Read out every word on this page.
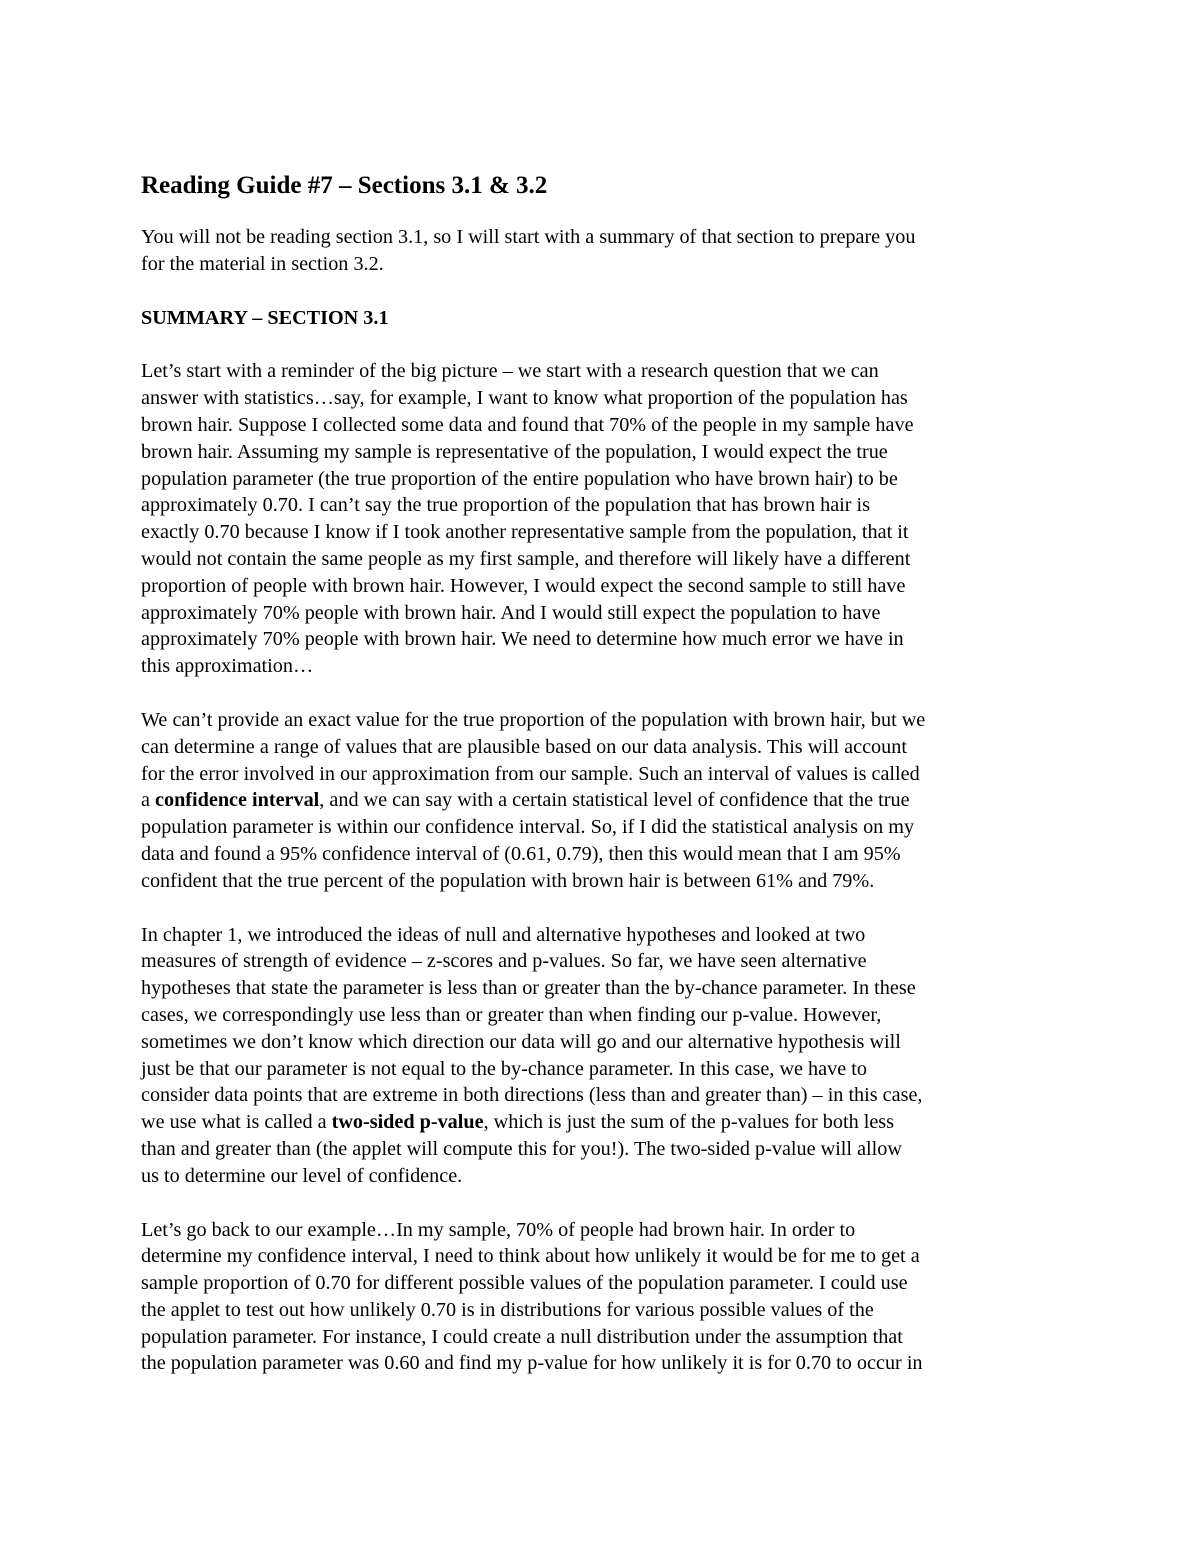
Reading Guide #7 – Sections 3.1 & 3.2
You will not be reading section 3.1, so I will start with a summary of that section to prepare you
for the material in section 3.2.
SUMMARY – SECTION 3.1
Let’s start with a reminder of the big picture – we start with a research question that we can
answer with statistics…say, for example, I want to know what proportion of the population has
brown hair. Suppose I collected some data and found that 70% of the people in my sample have
brown hair. Assuming my sample is representative of the population, I would expect the true
population parameter (the true proportion of the entire population who have brown hair) to be
approximately 0.70. I can’t say the true proportion of the population that has brown hair is
exactly 0.70 because I know if I took another representative sample from the population, that it
would not contain the same people as my first sample, and therefore will likely have a different
proportion of people with brown hair. However, I would expect the second sample to still have
approximately 70% people with brown hair. And I would still expect the population to have
approximately 70% people with brown hair. We need to determine how much error we have in
this approximation…
We can’t provide an exact value for the true proportion of the population with brown hair, but we
can determine a range of values that are plausible based on our data analysis. This will account
for the error involved in our approximation from our sample. Such an interval of values is called
a confidence interval, and we can say with a certain statistical level of confidence that the true
population parameter is within our confidence interval. So, if I did the statistical analysis on my
data and found a 95% confidence interval of (0.61, 0.79), then this would mean that I am 95%
confident that the true percent of the population with brown hair is between 61% and 79%.
In chapter 1, we introduced the ideas of null and alternative hypotheses and looked at two
measures of strength of evidence – z-scores and p-values. So far, we have seen alternative
hypotheses that state the parameter is less than or greater than the by-chance parameter. In these
cases, we correspondingly use less than or greater than when finding our p-value. However,
sometimes we don’t know which direction our data will go and our alternative hypothesis will
just be that our parameter is not equal to the by-chance parameter. In this case, we have to
consider data points that are extreme in both directions (less than and greater than) – in this case,
we use what is called a two-sided p-value, which is just the sum of the p-values for both less
than and greater than (the applet will compute this for you!). The two-sided p-value will allow
us to determine our level of confidence.
Let’s go back to our example…In my sample, 70% of people had brown hair. In order to
determine my confidence interval, I need to think about how unlikely it would be for me to get a
sample proportion of 0.70 for different possible values of the population parameter. I could use
the applet to test out how unlikely 0.70 is in distributions for various possible values of the
population parameter. For instance, I could create a null distribution under the assumption that
the population parameter was 0.60 and find my p-value for how unlikely it is for 0.70 to occur in
